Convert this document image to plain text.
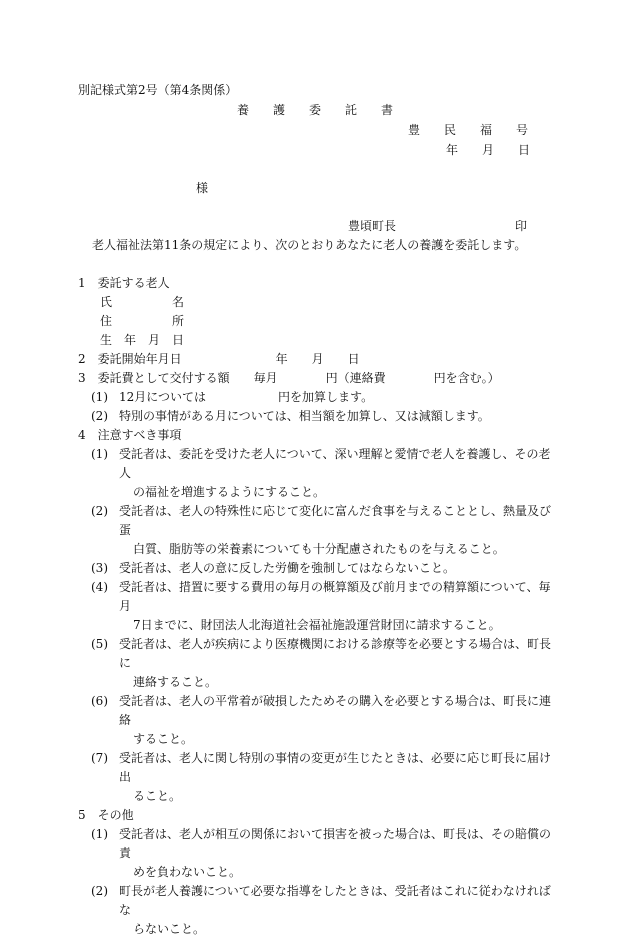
別記様式第2号（第4条関係）
養　　護　　委　　託　　書
豊　　民　　福　　号
年　　月　　日
様
豊頃町長	印
老人福祉法第11条の規定により、次のとおりあなたに老人の養護を委託します。
1　委託する老人
氏　　　　　名
住　　　　　所
生　年　月　日
2　委託開始年月日	年　　月　　日
3　委託費として交付する額 毎月　　　　円（連絡費　　　　円を含む。）
(1) 12月については　　　　　　円を加算します。
(2) 特別の事情がある月については、相当額を加算し、又は減額します。
4　注意すべき事項
(1) 受託者は、委託を受けた老人について、深い理解と愛情で老人を養護し、その老人
の福祉を増進するようにすること。
(2) 受託者は、老人の特殊性に応じて変化に富んだ食事を与えることとし、熱量及び蛋
白質、脂肪等の栄養素についても十分配慮されたものを与えること。
(3) 受託者は、老人の意に反した労働を強制してはならないこと。
(4) 受託者は、措置に要する費用の毎月の概算額及び前月までの精算額について、毎月
7日までに、財団法人北海道社会福祉施設運営財団に請求すること。
(5) 受託者は、老人が疾病により医療機関における診療等を必要とする場合は、町長に
連絡すること。
(6) 受託者は、老人の平常着が破損したためその購入を必要とする場合は、町長に連絡
すること。
(7) 受託者は、老人に関し特別の事情の変更が生じたときは、必要に応じ町長に届け出
ること。
5　その他
(1) 受託者は、老人が相互の関係において損害を被った場合は、町長は、その賠償の責
めを負わないこと。
(2) 町長が老人養護について必要な指導をしたときは、受託者はこれに従わなければな
らないこと。
